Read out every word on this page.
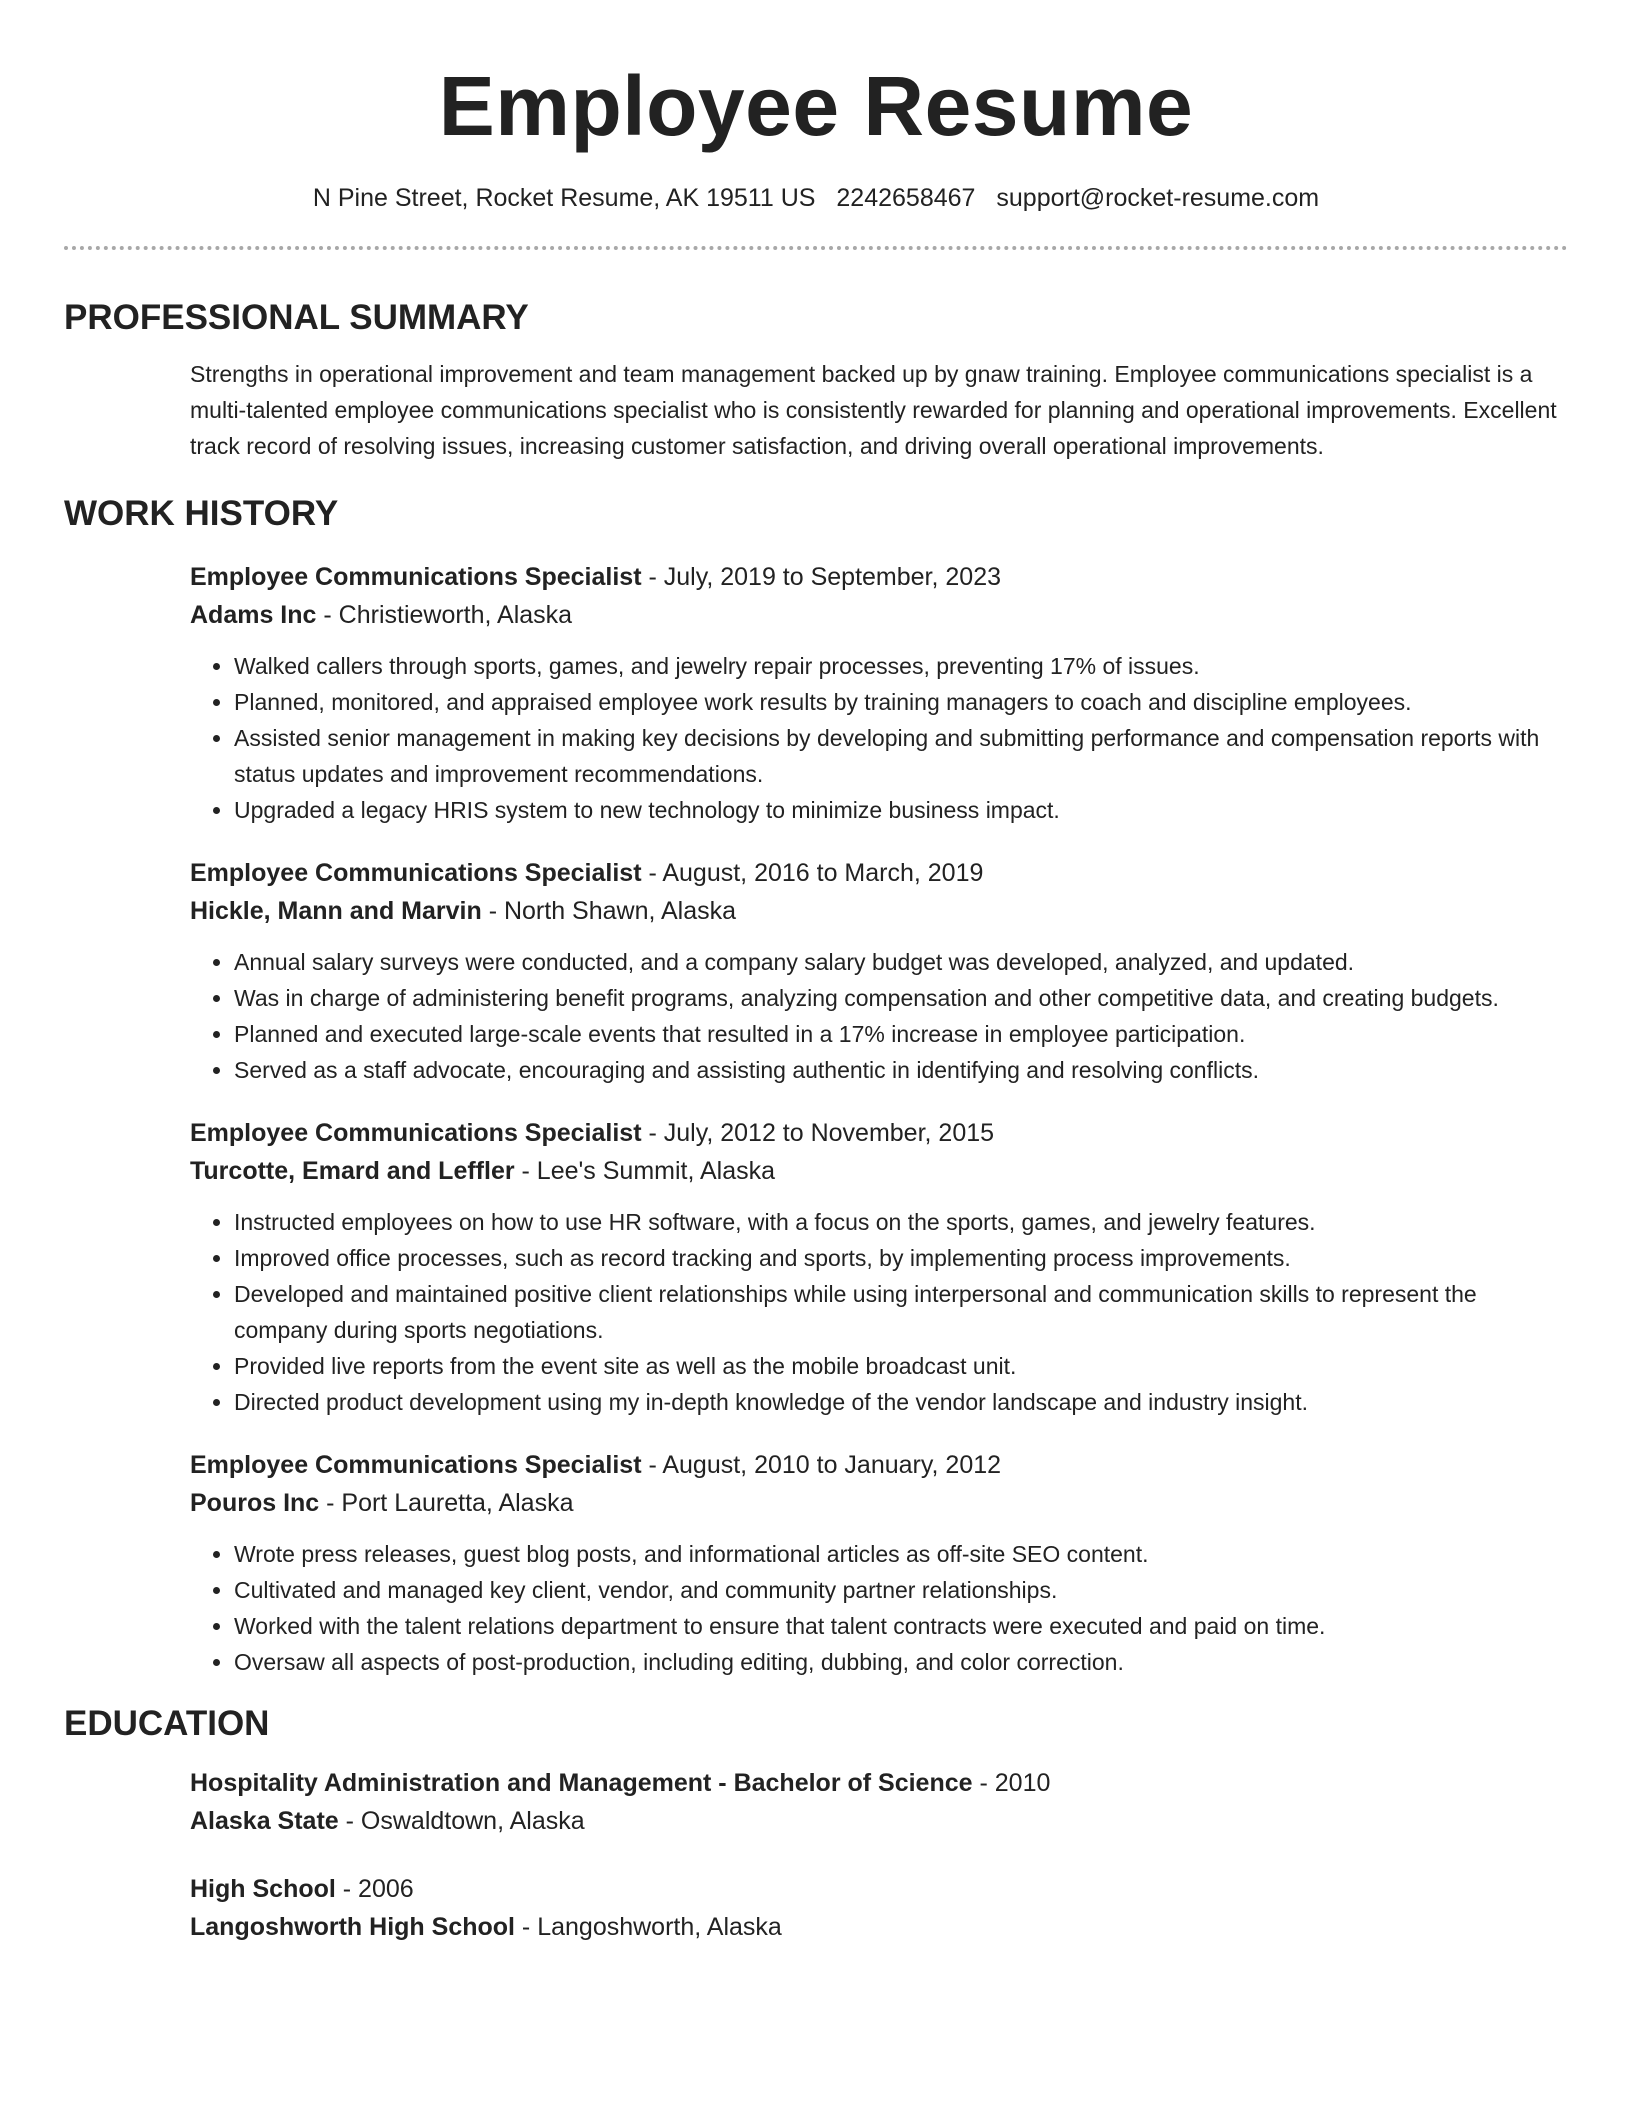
Employee Resume
N Pine Street, Rocket Resume, AK 19511 US 2242658467 support@rocket-resume.com
PROFESSIONAL SUMMARY

Strengths in operational improvement and team management backed up by gnaw training. Employee communications specialist is a multi-talented employee communications specialist who is consistently rewarded for planning and operational improvements. Excellent track record of resolving issues, increasing customer satisfaction, and driving overall operational improvements.

WORK HISTORY
Employee Communications Specialist - July, 2019 to September, 2023
Adams Inc - Christieworth, Alaska
• Walked callers through sports, games, and jewelry repair processes, preventing 17% of issues.
• Planned, monitored, and appraised employee work results by training managers to coach and discipline employees.
• Assisted senior management in making key decisions by developing and submitting performance and compensation reports with status updates and improvement recommendations.
• Upgraded a legacy HRIS system to new technology to minimize business impact.
Employee Communications Specialist - August, 2016 to March, 2019
Hickle, Mann and Marvin - North Shawn, Alaska
• Annual salary surveys were conducted, and a company salary budget was developed, analyzed, and updated.
• Was in charge of administering benefit programs, analyzing compensation and other competitive data, and creating budgets.
• Planned and executed large-scale events that resulted in a 17% increase in employee participation.
• Served as a staff advocate, encouraging and assisting authentic in identifying and resolving conflicts.
Employee Communications Specialist - July, 2012 to November, 2015
Turcotte, Emard and Leffler - Lee's Summit, Alaska
• Instructed employees on how to use HR software, with a focus on the sports, games, and jewelry features.
• Improved office processes, such as record tracking and sports, by implementing process improvements.
• Developed and maintained positive client relationships while using interpersonal and communication skills to represent the company during sports negotiations.
• Provided live reports from the event site as well as the mobile broadcast unit.
• Directed product development using my in-depth knowledge of the vendor landscape and industry insight.
Employee Communications Specialist - August, 2010 to January, 2012
Pouros Inc - Port Lauretta, Alaska
• Wrote press releases, guest blog posts, and informational articles as off-site SEO content.
• Cultivated and managed key client, vendor, and community partner relationships.
• Worked with the talent relations department to ensure that talent contracts were executed and paid on time.
• Oversaw all aspects of post-production, including editing, dubbing, and color correction.
EDUCATION
Hospitality Administration and Management - Bachelor of Science - 2010
Alaska State - Oswaldtown, Alaska
High School - 2006
Langoshworth High School - Langoshworth, Alaska
